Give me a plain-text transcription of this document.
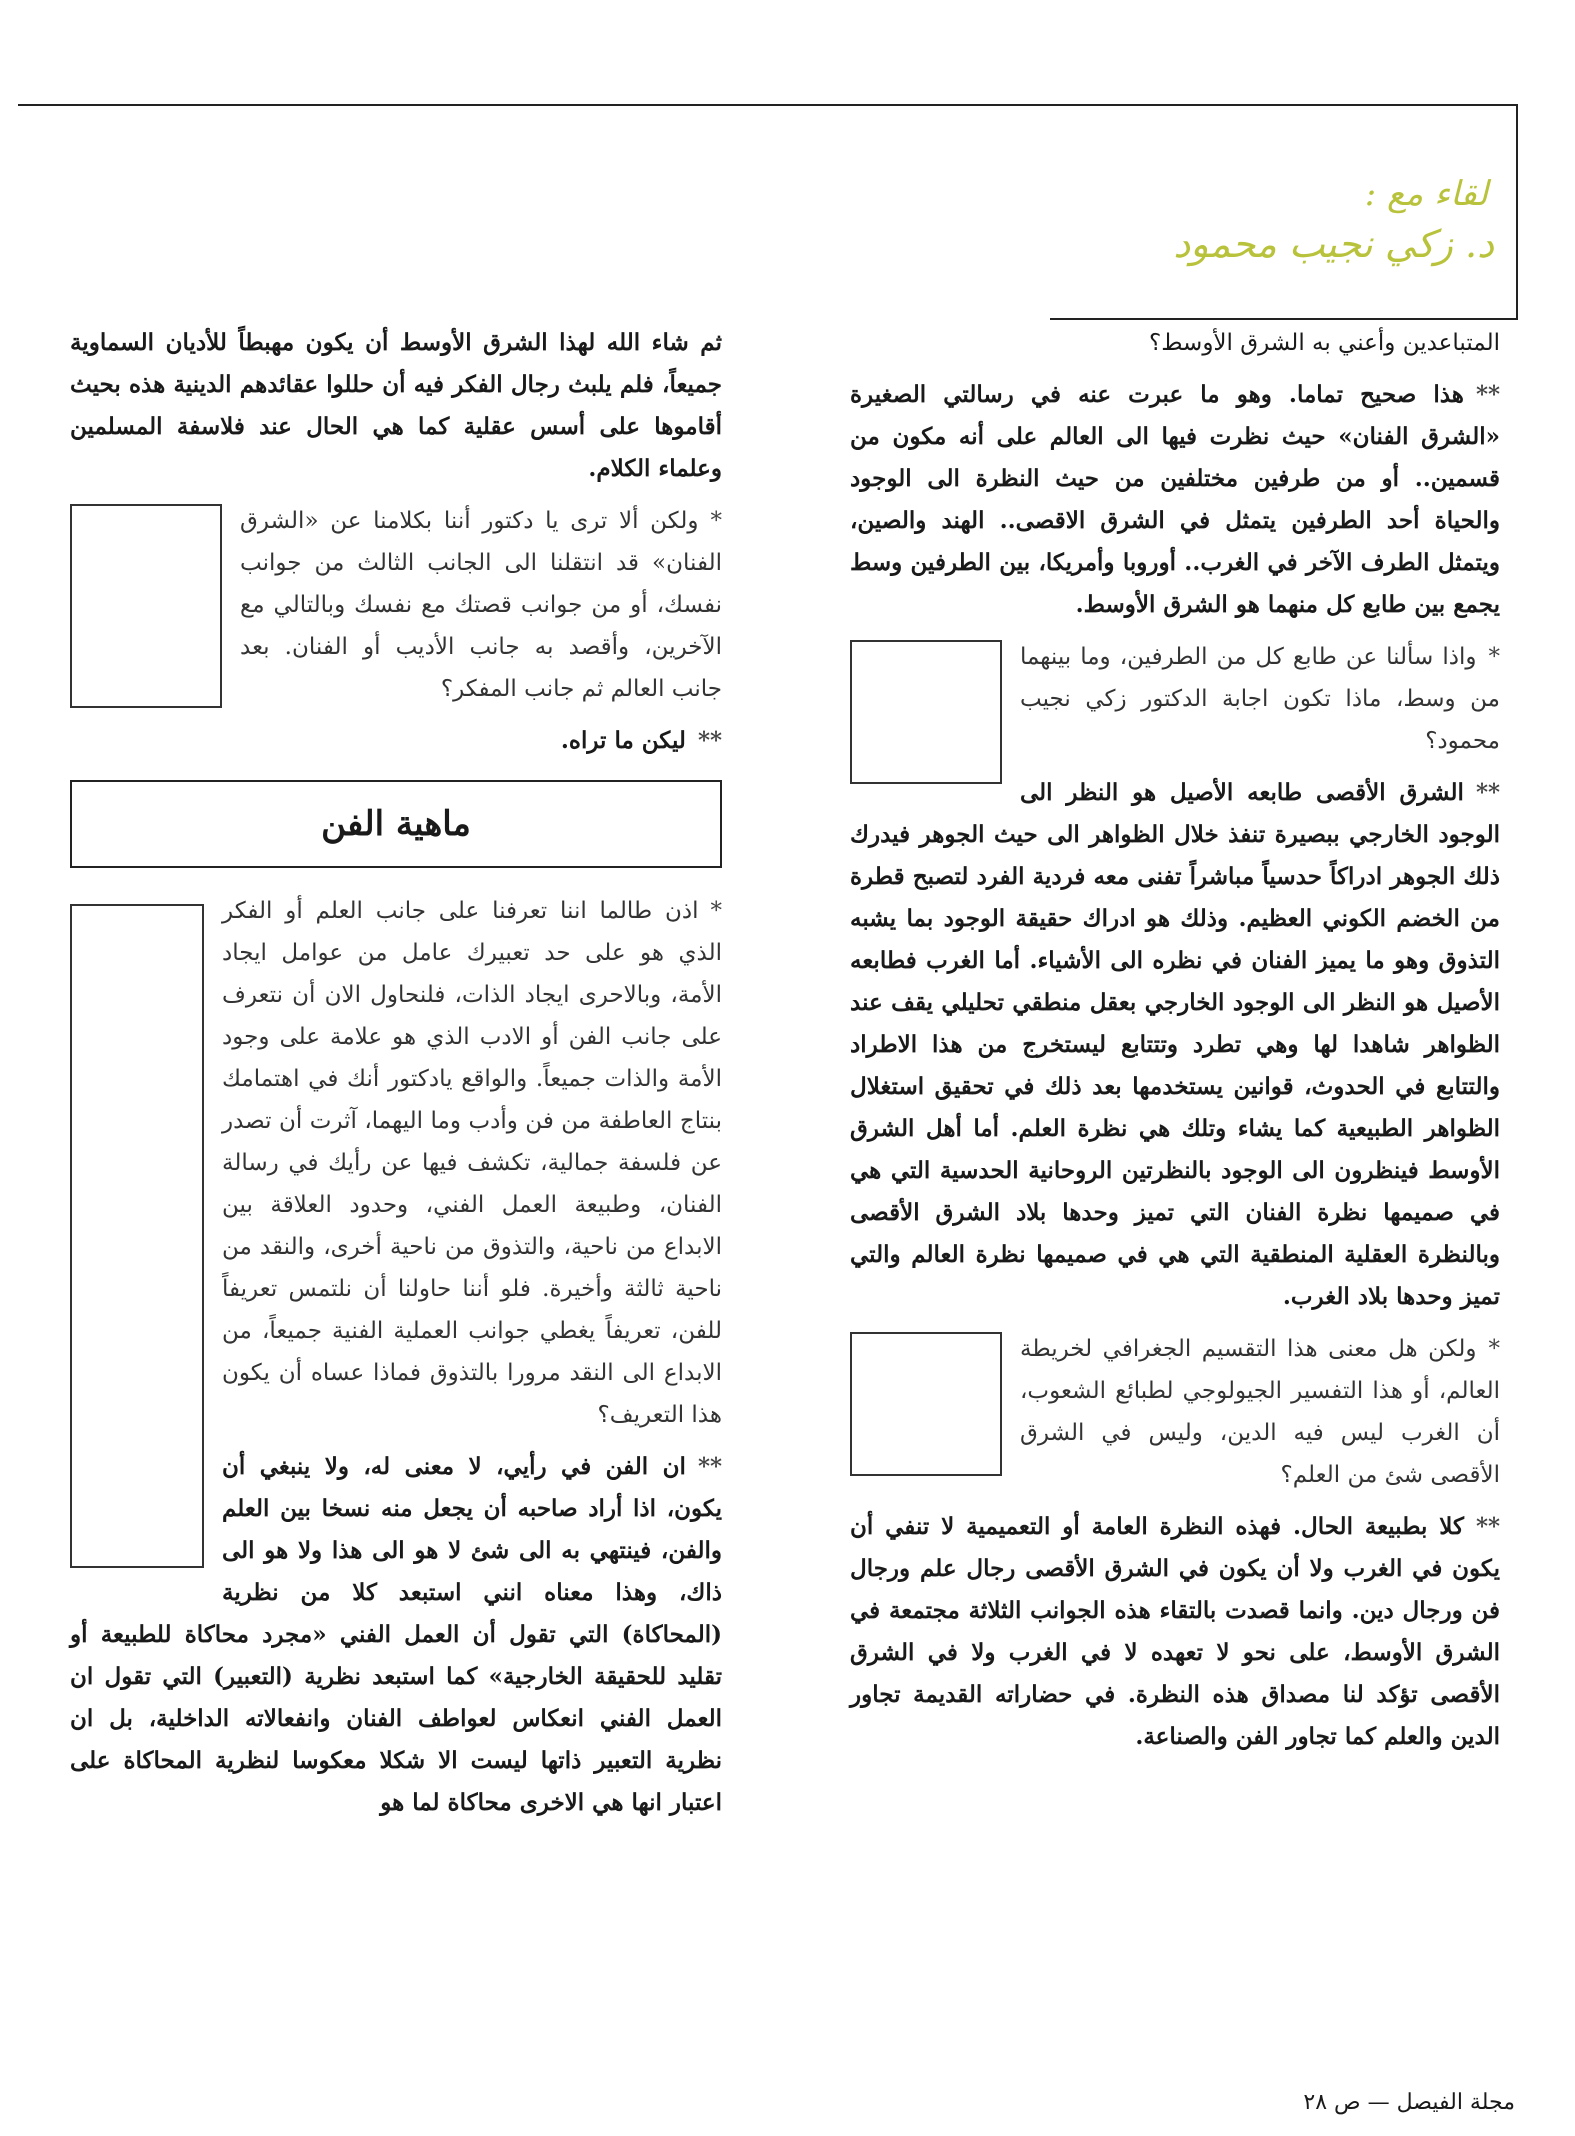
لقاء مع :
د. زكي نجيب محمود

المتباعدين وأعني به الشرق الأوسط؟

**هذا صحيح تماما. وهو ما عبرت عنه في رسالتي الصغيرة «الشرق الفنان» حيث نظرت فيها الى العالم على أنه مكون من قسمين.. أو من طرفين مختلفين من حيث النظرة الى الوجود والحياة أحد الطرفين يتمثل في الشرق الاقصى.. الهند والصين، ويتمثل الطرف الآخر في الغرب.. أوروبا وأمريكا، بين الطرفين وسط يجمع بين طابع كل منهما هو الشرق الأوسط.

*واذا سألنا عن طابع كل من الطرفين، وما بينهما من وسط، ماذا تكون اجابة الدكتور زكي نجيب محمود؟

**الشرق الأقصى طابعه الأصيل هو النظر الى الوجود الخارجي ببصيرة تنفذ خلال الظواهر الى حيث الجوهر فيدرك ذلك الجوهر ادراكاً حدسياً مباشراً تفنى معه فردية الفرد لتصبح قطرة من الخضم الكوني العظيم. وذلك هو ادراك حقيقة الوجود بما يشبه التذوق وهو ما يميز الفنان في نظره الى الأشياء. أما الغرب فطابعه الأصيل هو النظر الى الوجود الخارجي بعقل منطقي تحليلي يقف عند الظواهر شاهدا لها وهي تطرد وتتتابع ليستخرج من هذا الاطراد والتتابع في الحدوث، قوانين يستخدمها بعد ذلك في تحقيق استغلال الظواهر الطبيعية كما يشاء وتلك هي نظرة العلم. أما أهل الشرق الأوسط فينظرون الى الوجود بالنظرتين الروحانية الحدسية التي هي في صميمها نظرة الفنان التي تميز وحدها بلاد الشرق الأقصى وبالنظرة العقلية المنطقية التي هي في صميمها نظرة العالم والتي تميز وحدها بلاد الغرب.

*ولكن هل معنى هذا التقسيم الجغرافي لخريطة العالم، أو هذا التفسير الجيولوجي لطبائع الشعوب، أن الغرب ليس فيه الدين، وليس في الشرق الأقصى شئ من العلم؟

**كلا بطبيعة الحال. فهذه النظرة العامة أو التعميمية لا تنفي أن يكون في الغرب ولا أن يكون في الشرق الأقصى رجال علم ورجال فن ورجال دين. وانما قصدت بالتقاء هذه الجوانب الثلاثة مجتمعة في الشرق الأوسط، على نحو لا تعهده لا في الغرب ولا في الشرق الأقصى تؤكد لنا مصداق هذه النظرة. في حضاراته القديمة تجاور الدين والعلم كما تجاور الفن والصناعة.

ثم شاء الله لهذا الشرق الأوسط أن يكون مهبطاً للأديان السماوية جميعاً، فلم يلبث رجال الفكر فيه أن حللوا عقائدهم الدينية هذه بحيث أقاموها على أسس عقلية كما هي الحال عند فلاسفة المسلمين وعلماء الكلام.

*ولكن ألا ترى يا دكتور أننا بكلامنا عن «الشرق الفنان» قد انتقلنا الى الجانب الثالث من جوانب نفسك، أو من جوانب قصتك مع نفسك وبالتالي مع الآخرين، وأقصد به جانب الأديب أو الفنان. بعد جانب العالم ثم جانب المفكر؟

**ليكن ما تراه.

ماهية الفن

*اذن طالما اننا تعرفنا على جانب العلم أو الفكر الذي هو على حد تعبيرك عامل من عوامل ايجاد الأمة، وبالاحرى ايجاد الذات، فلنحاول الان أن نتعرف على جانب الفن أو الادب الذي هو علامة على وجود الأمة والذات جميعاً. والواقع يادكتور أنك في اهتمامك بنتاج العاطفة من فن وأدب وما اليهما، آثرت أن تصدر عن فلسفة جمالية، تكشف فيها عن رأيك في رسالة الفنان، وطبيعة العمل الفني، وحدود العلاقة بين الابداع من ناحية، والتذوق من ناحية أخرى، والنقد من ناحية ثالثة وأخيرة. فلو أننا حاولنا أن نلتمس تعريفاً للفن، تعريفاً يغطي جوانب العملية الفنية جميعاً، من الابداع الى النقد مرورا بالتذوق فماذا عساه أن يكون هذا التعريف؟

**ان الفن في رأيي، لا معنى له، ولا ينبغي أن يكون، اذا أراد صاحبه أن يجعل منه نسخا بين العلم والفن، فينتهي به الى شئ لا هو الى هذا ولا هو الى ذاك، وهذا معناه انني استبعد كلا من نظرية (المحاكاة) التي تقول أن العمل الفني «مجرد محاكاة للطبيعة أو تقليد للحقيقة الخارجية» كما استبعد نظرية (التعبير) التي تقول ان العمل الفني انعكاس لعواطف الفنان وانفعالاته الداخلية، بل ان نظرية التعبير ذاتها ليست الا شكلا معكوسا لنظرية المحاكاة على اعتبار انها هي الاخرى محاكاة لما هو

مجلة الفيصل — ص ٢٨
